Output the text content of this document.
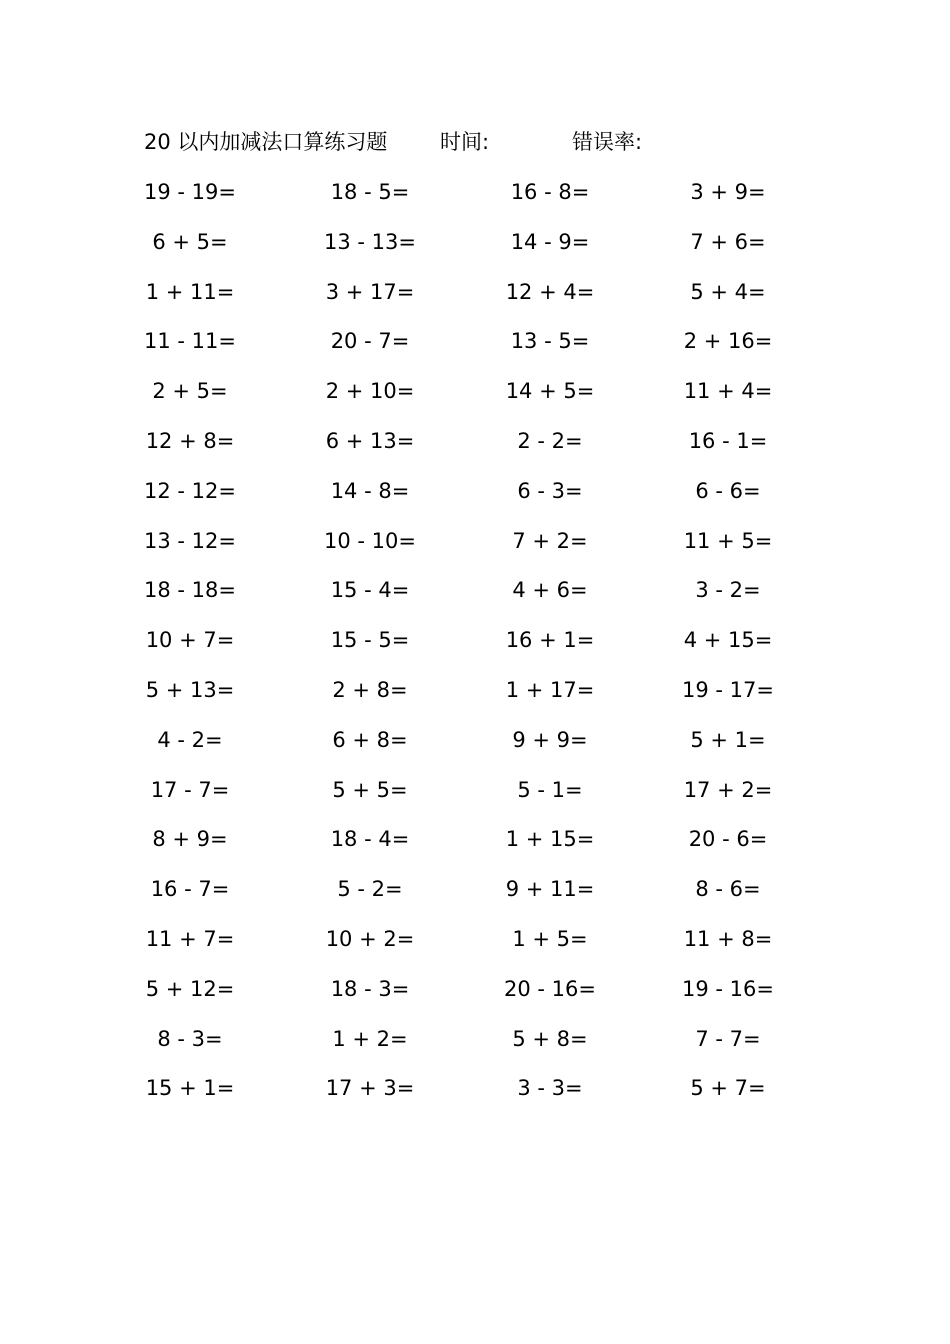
20 以内加减法口算练习题	时间:	错误率:
19 - 19=	18 - 5=	16 - 8=	3 + 9=
6 + 5=	13 - 13=	14 - 9=	7 + 6=
1 + 11=	3 + 17=	12 + 4=	5 + 4=
11 - 11=	20 - 7=	13 - 5=	2 + 16=
2 + 5=	2 + 10=	14 + 5=	11 + 4=
12 + 8=	6 + 13=	2 - 2=	16 - 1=
12 - 12=	14 - 8=	6 - 3=	6 - 6=
13 - 12=	10 - 10=	7 + 2=	11 + 5=
18 - 18=	15 - 4=	4 + 6=	3 - 2=
10 + 7=	15 - 5=	16 + 1=	4 + 15=
5 + 13=	2 + 8=	1 + 17=	19 - 17=
4 - 2=	6 + 8=	9 + 9=	5 + 1=
17 - 7=	5 + 5=	5 - 1=	17 + 2=
8 + 9=	18 - 4=	1 + 15=	20 - 6=
16 - 7=	5 - 2=	9 + 11=	8 - 6=
11 + 7=	10 + 2=	1 + 5=	11 + 8=
5 + 12=	18 - 3=	20 - 16=	19 - 16=
8 - 3=	1 + 2=	5 + 8=	7 - 7=
15 + 1=	17 + 3=	3 - 3=	5 + 7=
